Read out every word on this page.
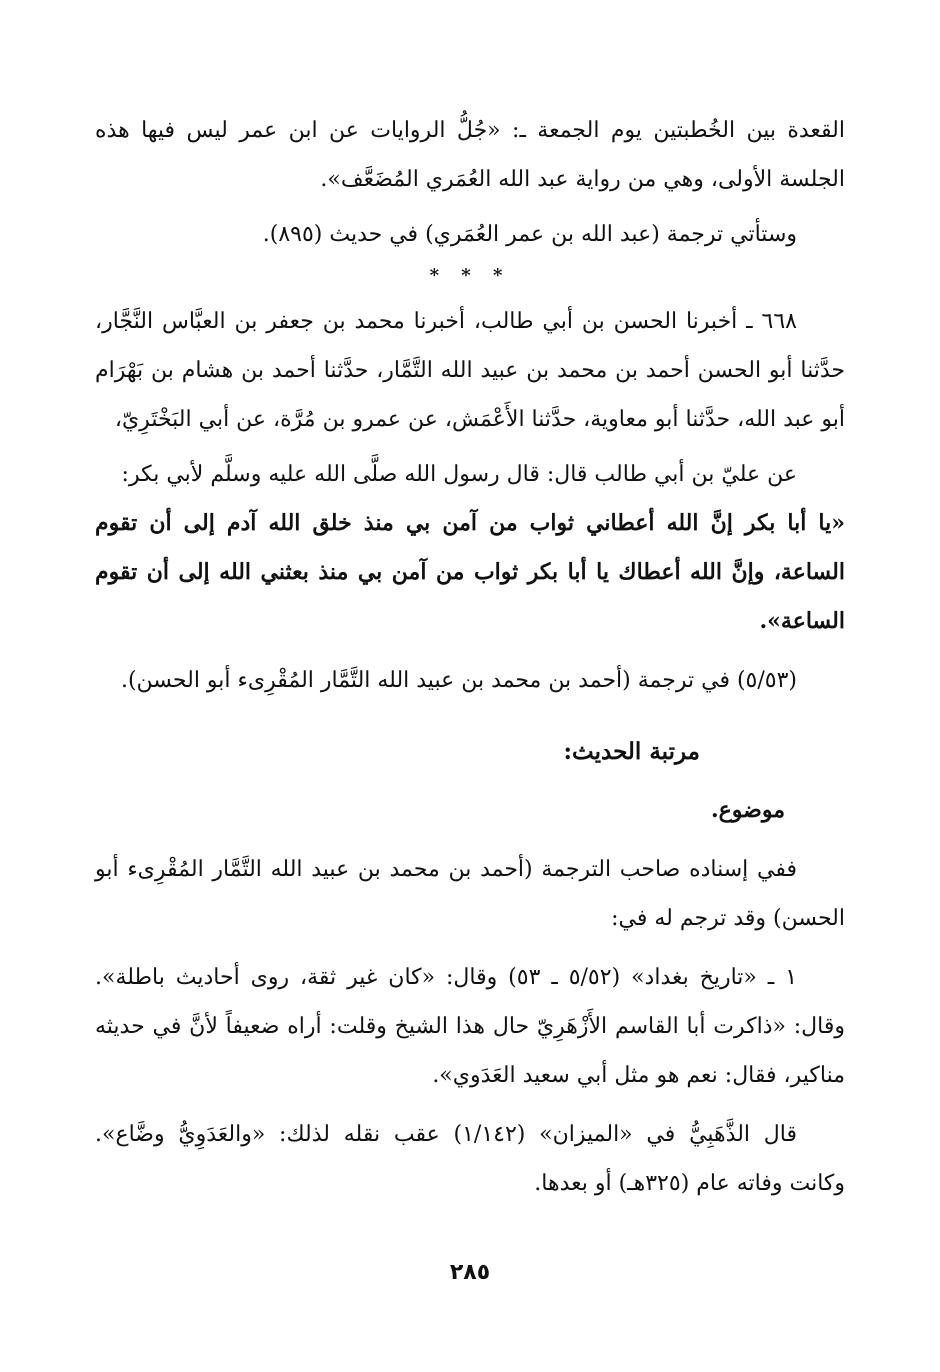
القعدة بين الخُطبتين يوم الجمعة ـ: «جُلُّ الروايات عن ابن عمر ليس فيها هذه الجلسة الأولى، وهي من رواية عبد الله العُمَري المُضَعَّف».

وستأتي ترجمة (عبد الله بن عمر العُمَري) في حديث (٨٩٥).

* * *

٦٦٨ ـ أخبرنا الحسن بن أبي طالب، أخبرنا محمد بن جعفر بن العبَّاس النَّجَّار، حدَّثنا أبو الحسن أحمد بن محمد بن عبيد الله التَّمَّار، حدَّثنا أحمد بن هشام بن بَهْرَام أبو عبد الله، حدَّثنا أبو معاوية، حدَّثنا الأَعْمَش، عن عمرو بن مُرَّة، عن أبي البَخْتَرِيّ،

عن عليّ بن أبي طالب قال: قال رسول الله صلَّى الله عليه وسلَّم لأبي بكر:

«يا أبا بكر إنَّ الله أعطاني ثواب من آمن بي منذ خلق الله آدم إلى أن تقوم الساعة، وإنَّ الله أعطاك يا أبا بكر ثواب من آمن بي منذ بعثني الله إلى أن تقوم الساعة».

(٥/٥٣) في ترجمة (أحمد بن محمد بن عبيد الله التَّمَّار المُقْرِىء أبو الحسن).

مرتبة الحديث:
موضوع.

ففي إسناده صاحب الترجمة (أحمد بن محمد بن عبيد الله التَّمَّار المُقْرِىء أبو الحسن) وقد ترجم له في:

١ ـ «تاريخ بغداد» (٥/٥٢ ـ ٥٣) وقال: «كان غير ثقة، روى أحاديث باطلة». وقال: «ذاكرت أبا القاسم الأَزْهَرِيّ حال هذا الشيخ وقلت: أراه ضعيفاً لأنَّ في حديثه مناكير، فقال: نعم هو مثل أبي سعيد العَدَوي».

قال الذَّهَبِيُّ في «الميزان» (١/١٤٢) عقب نقله لذلك: «والعَدَوِيُّ وضَّاع». وكانت وفاته عام (٣٢٥هـ) أو بعدها.

٢٨٥
